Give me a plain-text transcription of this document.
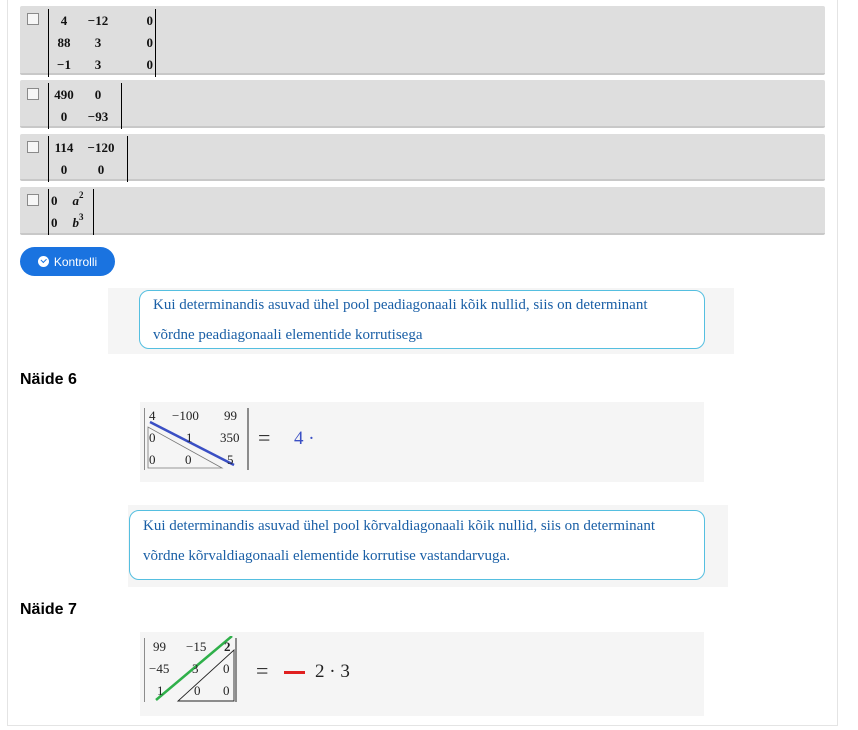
4	−12	0
88	3	0
−1	3	0
490	0
0	−93
114	−120
0	0
0	$a^2$
0	$b^3$
Kontrolli
Kui determinandis asuvad ühel pool peadiagonaali kõik nullid, siis on determinant
võrdne peadiagonaali elementide korrutisega
Näide 6
4 −100 99
0 1 350
0 0	5
= 4 ·
Kui determinandis asuvad ühel pool kõrvaldiagonaali kõik nullid, siis on determinant
võrdne kõrvaldiagonaali elementide korrutise vastandarvuga.
Näide 7
99 −15 2
−45 3 0
1 0 0
= 2 · 3
